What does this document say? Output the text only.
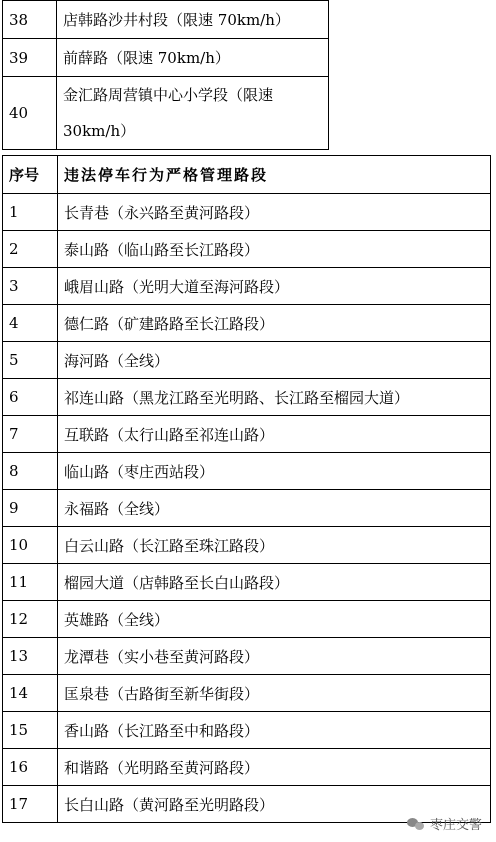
38	店韩路沙井村段（限速 70km/h）
39	前薛路（限速 70km/h）
40	金汇路周营镇中心小学段（限速
30km/h）
序号	违法停车行为严格管理路段
1	长青巷（永兴路至黄河路段）
2	泰山路（临山路至长江路段）
3	峨眉山路（光明大道至海河路段）
4	德仁路（矿建路路至长江路段）
5	海河路（全线）
6	祁连山路（黑龙江路至光明路、长江路至榴园大道）
7	互联路（太行山路至祁连山路）
8	临山路（枣庄西站段）
9	永福路（全线）
10	白云山路（长江路至珠江路段）
11	榴园大道（店韩路至长白山路段）
12	英雄路（全线）
13	龙潭巷（实小巷至黄河路段）
14	匡泉巷（古路街至新华街段）
15	香山路（长江路至中和路段）
16	和谐路（光明路至黄河路段）
17	长白山路（黄河路至光明路段）
枣庄交警
